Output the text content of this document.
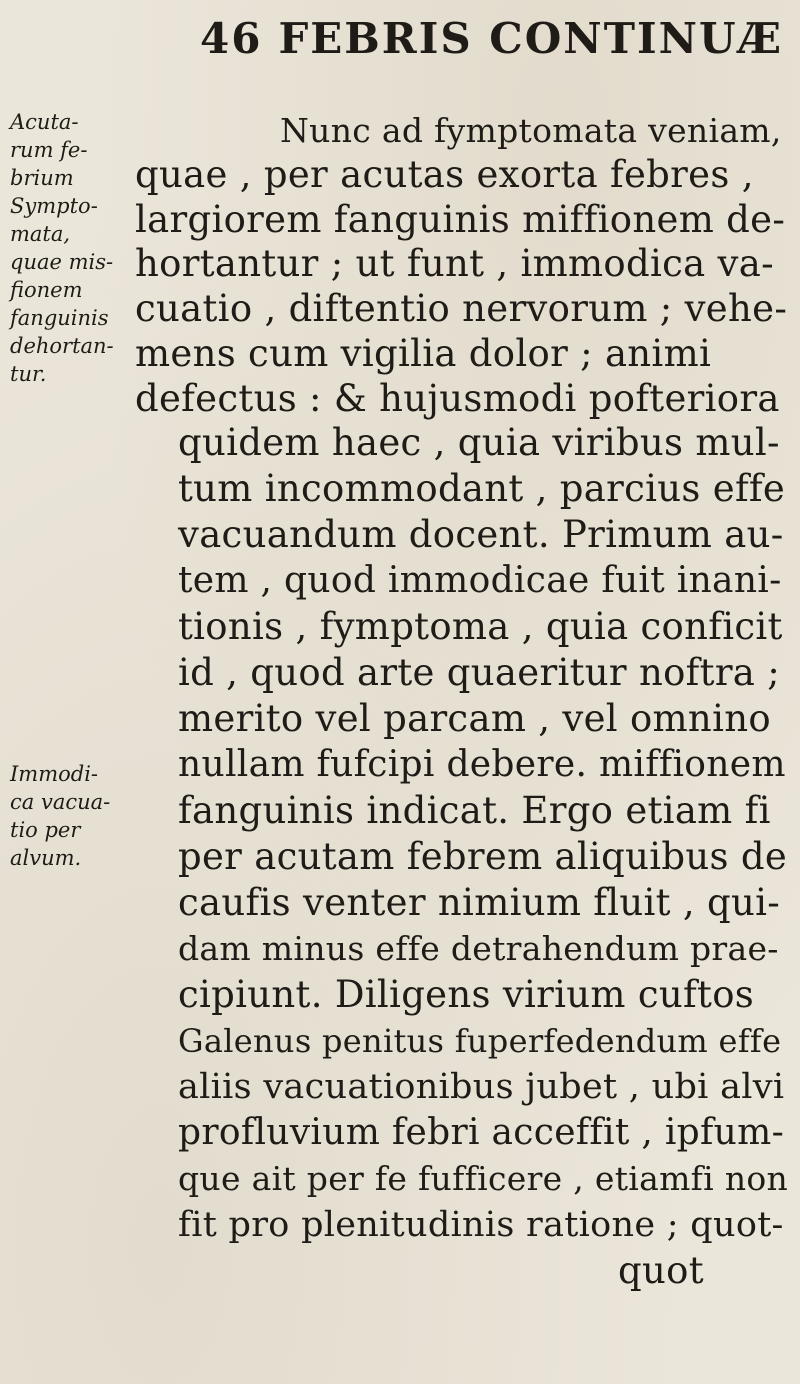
46 FEBRIS CONTINUÆ
Acuta-
rum fe-
brium
Sympto-
mata,
quae mis-
fionem
fanguinis
dehortan-
tur.
Immodi-
ca vacua-
tio per
alvum.
Nunc ad fymptomata veniam,
quae , per acutas exorta febres ,
largiorem fanguinis miffionem de-
hortantur ; ut funt , immodica va-
cuatio , diftentio nervorum ; vehe-
mens cum vigilia dolor ; animi
defectus : & hujusmodi pofteriora
quidem haec , quia viribus mul-
tum incommodant , parcius effe
vacuandum docent. Primum au-
tem , quod immodicae fuit inani-
tionis , fymptoma , quia conficit
id , quod arte quaeritur noftra ;
merito vel parcam , vel omnino
nullam fufcipi debere. miffionem
fanguinis indicat. Ergo etiam fi
per acutam febrem aliquibus de
caufis venter nimium fluit , qui-
dam minus effe detrahendum prae-
cipiunt. Diligens virium cuftos
Galenus penitus fuperfedendum effe
aliis vacuationibus jubet , ubi alvi
profluvium febri acceffit , ipfum-
que ait per fe fufficere , etiamfi non
fit pro plenitudinis ratione ; quot-
quot
